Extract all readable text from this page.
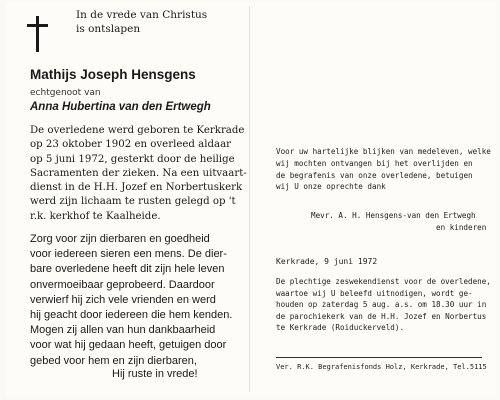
In de vrede van Christus
is ontslapen
Mathijs Joseph Hensgens
echtgenoot van
Anna Hubertina van den Ertwegh
De overledene werd geboren te Kerkrade
op 23 oktober 1902 en overleed aldaar
op 5 juni 1972, gesterkt door de heilige
Sacramenten der zieken. Na een uitvaart-
dienst in de H.H. Jozef en Norbertuskerk
werd zijn lichaam te rusten gelegd op 't
r.k. kerkhof te Kaalheide.
Zorg voor zijn dierbaren en goedheid
voor iedereen sieren een mens. De dier-
bare overledene heeft dit zijn hele leven
onvermoeibaar geprobeerd. Daardoor
verwierf hij zich vele vrienden en werd
hij geacht door iedereen die hem kenden.
Mogen zij allen van hun dankbaarheid
voor wat hij gedaan heeft, getuigen door
gebed voor hem en zijn dierbaren,
Hij ruste in vrede!
Voor uw hartelijke blijken van medeleven, welke
wij mochten ontvangen bij het overlijden en
de begrafenis van onze overledene, betuigen
wij U onze oprechte dank
Mevr. A. H. Hensgens-van den Ertwegh
en kinderen
Kerkrade, 9 juni 1972
De plechtige zeswekendienst voor de overledene,
waartoe wij U beleefd uitnodigen, wordt ge-
houden op zaterdag 5 aug. a.s. om 18.30 uur in
de parochiekerk van de H.H. Jozef en Norbertus
te Kerkrade (Roiduckerveld).
Ver. R.K. Begrafenisfonds Holz, Kerkrade, Tel.5115
